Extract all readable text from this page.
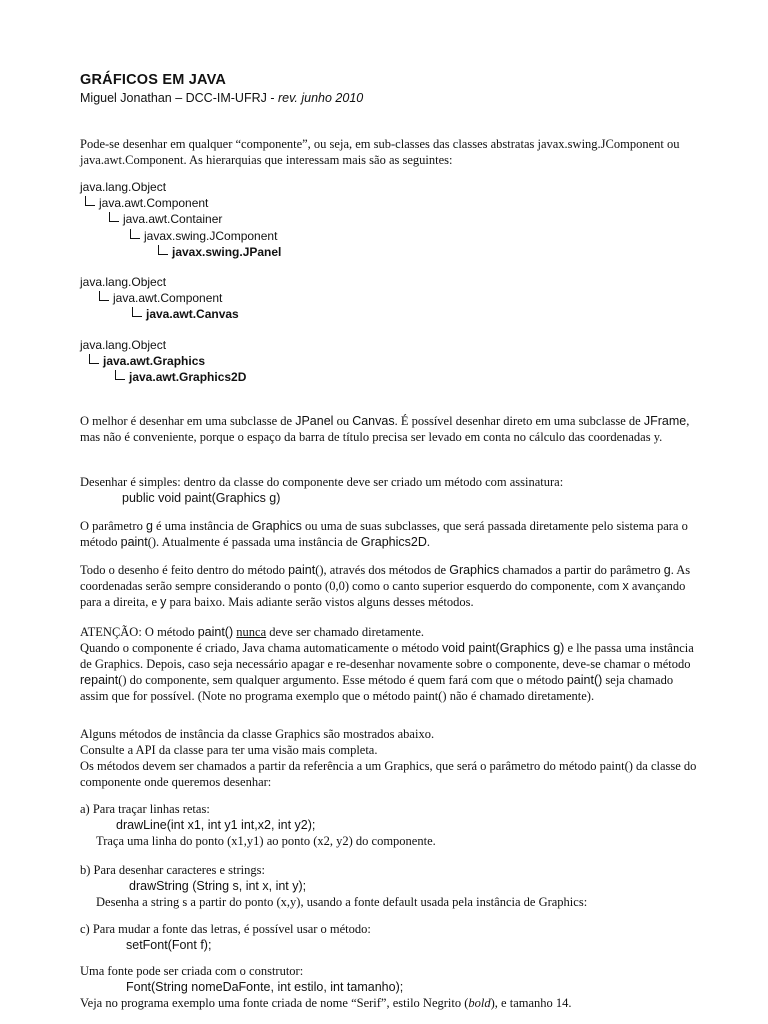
GRÁFICOS EM JAVA
Miguel Jonathan – DCC-IM-UFRJ - rev. junho 2010

Pode-se desenhar em qualquer “componente”, ou seja, em sub-classes das classes abstratas javax.swing.JComponent ou java.awt.Component. As hierarquias que interessam mais são as seguintes:

java.lang.Object
java.awt.Component
java.awt.Container
javax.swing.JComponent
javax.swing.JPanel
java.lang.Object
java.awt.Component
java.awt.Canvas
java.lang.Object
java.awt.Graphics
java.awt.Graphics2D

O melhor é desenhar em uma subclasse de JPanel ou Canvas. É possível desenhar direto em uma subclasse de JFrame, mas não é conveniente, porque o espaço da barra de título precisa ser levado em conta no cálculo das coordenadas y.

Desenhar é simples: dentro da classe do componente deve ser criado um método com assinatura:

public void paint(Graphics g)

O parâmetro g é uma instância de Graphics ou uma de suas subclasses, que será passada diretamente pelo sistema para o método paint(). Atualmente é passada uma instância de Graphics2D.

Todo o desenho é feito dentro do método paint(), através dos métodos de Graphics chamados a partir do parâmetro g. As coordenadas serão sempre considerando o ponto (0,0) como o canto superior esquerdo do componente, com x avançando para a direita, e y para baixo. Mais adiante serão vistos alguns desses métodos.

ATENÇÃO: O método paint() nunca deve ser chamado diretamente.

Quando o componente é criado, Java chama automaticamente o método void paint(Graphics g) e lhe passa uma instância de Graphics. Depois, caso seja necessário apagar e re-desenhar novamente sobre o componente, deve-se chamar o método repaint() do componente, sem qualquer argumento. Esse método é quem fará com que o método paint() seja chamado assim que for possível. (Note no programa exemplo que o método paint() não é chamado diretamente).

Alguns métodos de instância da classe Graphics são mostrados abaixo.

Consulte a API da classe para ter uma visão mais completa.

Os métodos devem ser chamados a partir da referência a um Graphics, que será o parâmetro do método paint() da classe do componente onde queremos desenhar:

a) Para traçar linhas retas:

drawLine(int x1, int y1 int,x2, int y2);

Traça uma linha do ponto (x1,y1) ao ponto (x2, y2) do componente.

b) Para desenhar caracteres e strings:

drawString (String s, int x, int y);

Desenha a string s a partir do ponto (x,y), usando a fonte default usada pela instância de Graphics:

c) Para mudar a fonte das letras, é possível usar o método:

setFont(Font f);

Uma fonte pode ser criada com o construtor:

Font(String nomeDaFonte, int estilo, int tamanho);

Veja no programa exemplo uma fonte criada de nome “Serif”, estilo Negrito (bold), e tamanho 14.
